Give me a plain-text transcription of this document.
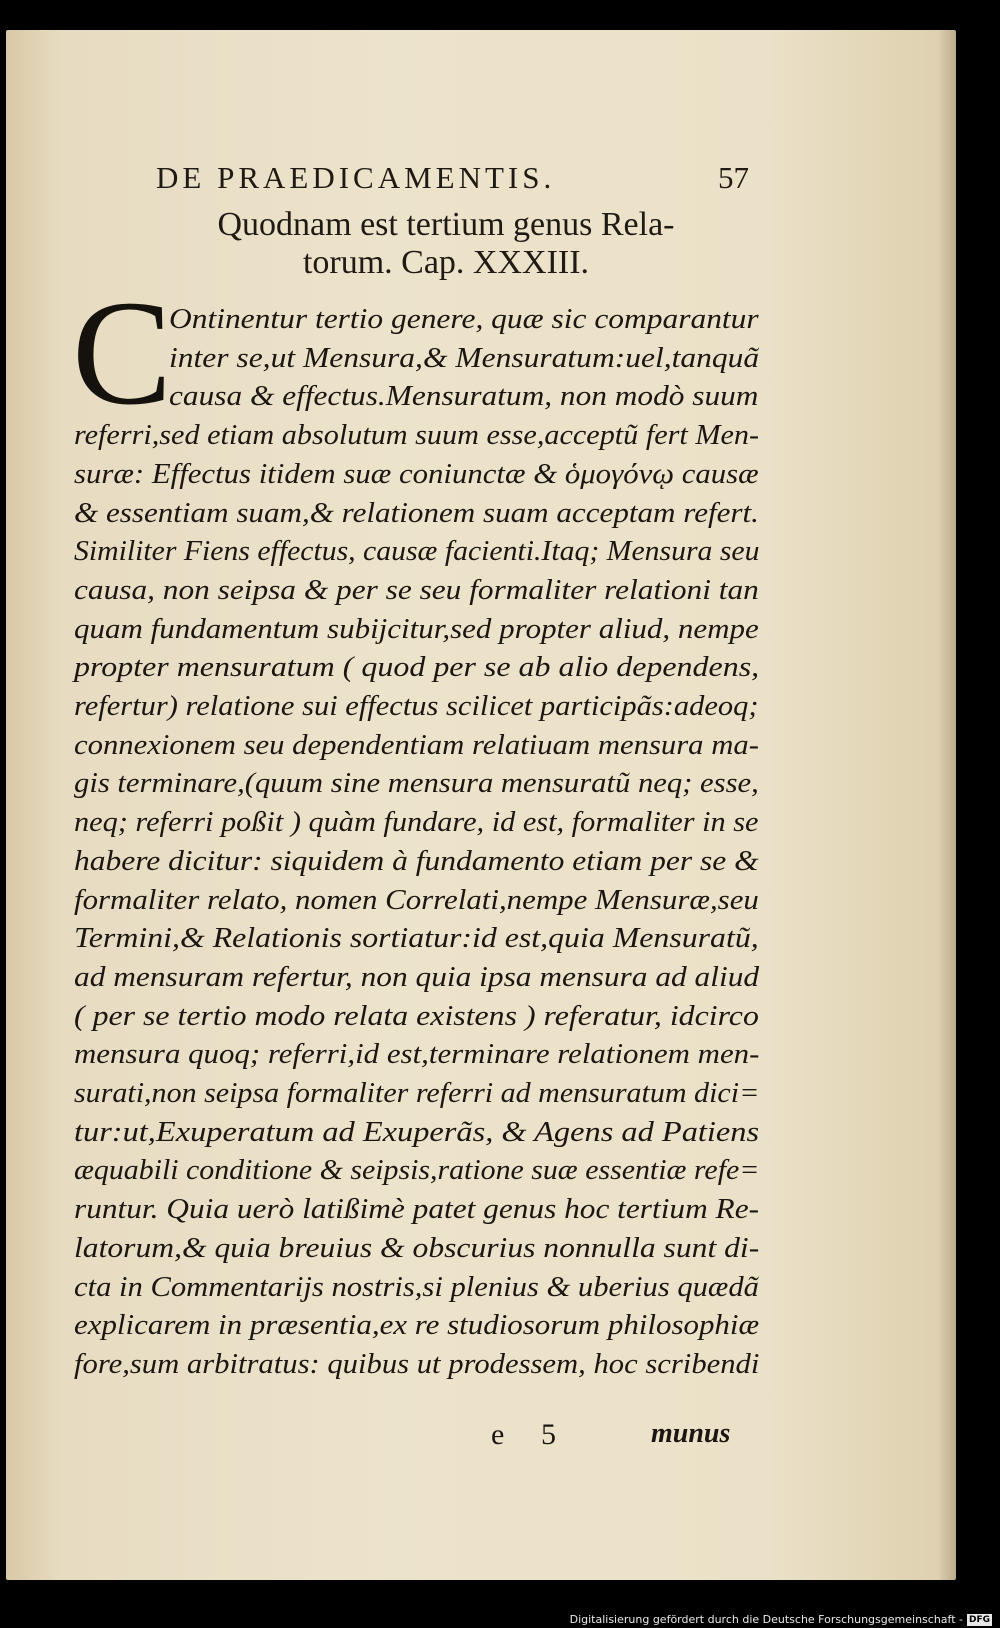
DE PRAEDICAMENTIS.	57
Quodnam est tertium genus Rela-
torum. Cap. XXXIII.
C
Ontinentur tertio genere, quæ sic comparantur
inter se,ut Mensura,& Mensuratum:uel,tanquã
causa & effectus.Mensuratum, non modò suum
referri,sed etiam absolutum suum esse,acceptũ fert Men-
suræ: Effectus itidem suæ coniunctæ & ὁμογόνῳ causæ
& essentiam suam,& relationem suam acceptam refert.
Similiter Fiens effectus, causæ facienti.Itaq; Mensura seu
causa, non seipsa & per se seu formaliter relationi tan
quam fundamentum subijcitur,sed propter aliud, nempe
propter mensuratum ( quod per se ab alio dependens,
refertur) relatione sui effectus scilicet participãs:adeoq;
connexionem seu dependentiam relatiuam mensura ma-
gis terminare,(quum sine mensura mensuratũ neq; esse,
neq; referri poßit ) quàm fundare, id est, formaliter in se
habere dicitur: siquidem à fundamento etiam per se &
formaliter relato, nomen Correlati,nempe Mensuræ,seu
Termini,& Relationis sortiatur:id est,quia Mensuratũ,
ad mensuram refertur, non quia ipsa mensura ad aliud
( per se tertio modo relata existens ) referatur, idcirco
mensura quoq; referri,id est,terminare relationem men-
surati,non seipsa formaliter referri ad mensuratum dici=
tur:ut,Exuperatum ad Exuperãs, & Agens ad Patiens
æquabili conditione & seipsis,ratione suæ essentiæ refe=
runtur. Quia uerò latißimè patet genus hoc tertium Re-
latorum,& quia breuius & obscurius nonnulla sunt di-
cta in Commentarijs nostris,si plenius & uberius quædã
explicarem in præsentia,ex re studiosorum philosophiæ
fore,sum arbitratus: quibus ut prodessem, hoc scribendi
e 5	munus
Digitalisierung gefördert durch die Deutsche Forschungsgemeinschaft - DFG
